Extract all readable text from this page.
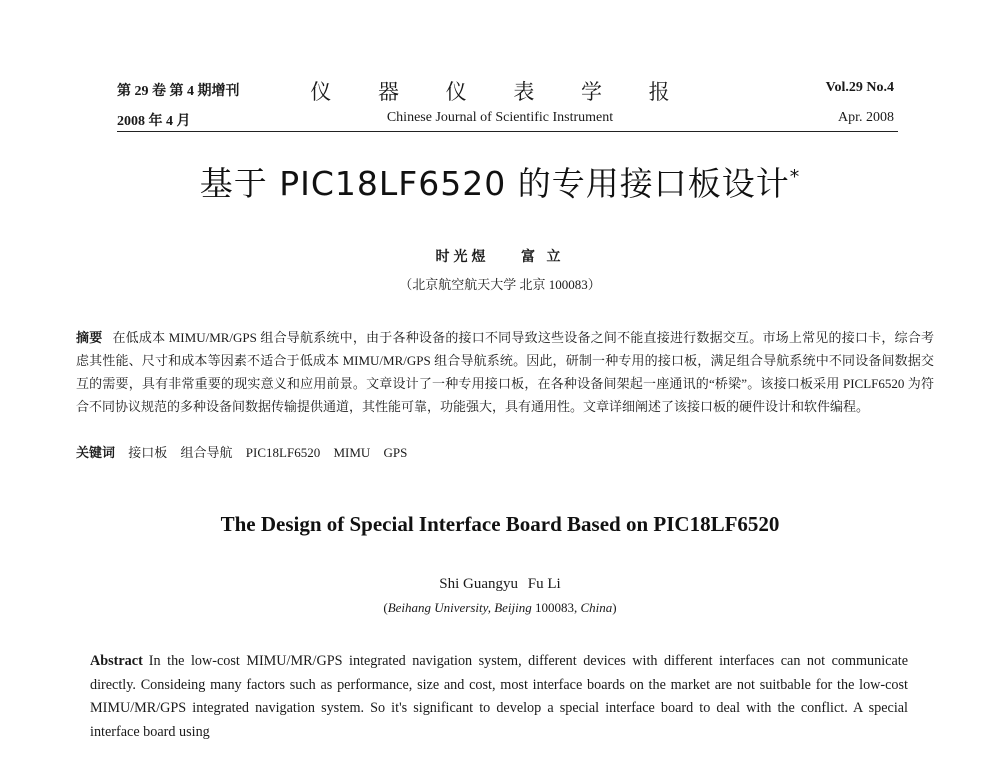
第 29 卷 第 4 期增刊	仪 器 仪 表 学 报	Vol.29 No.4
2008 年 4 月	Chinese Journal of Scientific Instrument	Apr. 2008
基于 PIC18LF6520 的专用接口板设计*
时光煜 富 立
（北京航空航天大学 北京 100083）
摘要 在低成本 MIMU/MR/GPS 组合导航系统中，由于各种设备的接口不同导致这些设备之间不能直接进行数据交互。市场上常见的接口卡，综合考虑其性能、尺寸和成本等因素不适合于低成本 MIMU/MR/GPS 组合导航系统。因此，研制一种专用的接口板，满足组合导航系统中不同设备间数据交互的需要，具有非常重要的现实意义和应用前景。文章设计了一种专用接口板，在各种设备间架起一座通讯的“桥梁”。该接口板采用 PICLF6520 为符合不同协议规范的多种设备间数据传输提供通道，其性能可靠，功能强大，具有通用性。文章详细阐述了该接口板的硬件设计和软件编程。
关键词 接口板 组合导航 PIC18LF6520 MIMU GPS
The Design of Special Interface Board Based on PIC18LF6520
Shi Guangyu Fu Li
(Beihang University, Beijing 100083, China)
Abstract In the low-cost MIMU/MR/GPS integrated navigation system, different devices with different interfaces can not communicate directly. Consideing many factors such as performance, size and cost, most interface boards on the market are not suitbable for the low-cost MIMU/MR/GPS integrated navigation system. So it's significant to develop a special interface board to deal with the conflict. A special interface board using
